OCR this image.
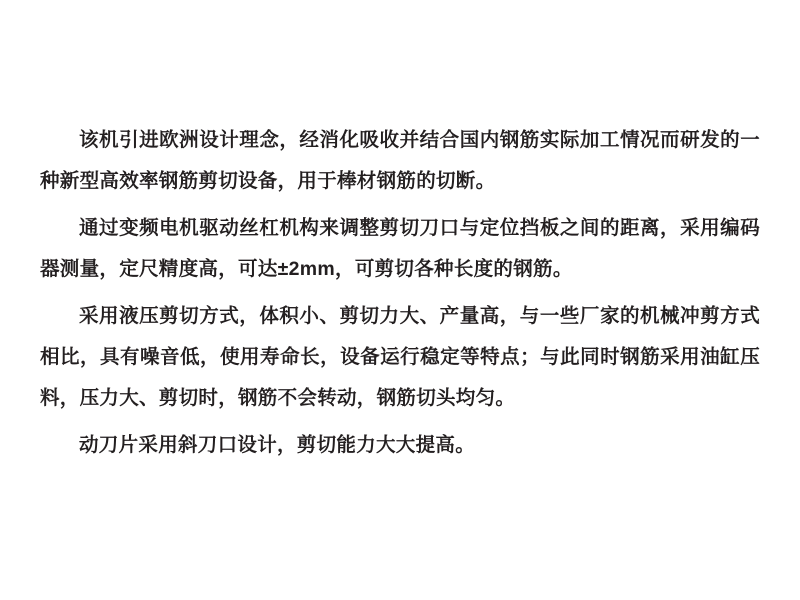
该机引进欧洲设计理念，经消化吸收并结合国内钢筋实际加工情况而研发的一种新型高效率钢筋剪切设备，用于棒材钢筋的切断。

通过变频电机驱动丝杠机构来调整剪切刀口与定位挡板之间的距离，采用编码器测量，定尺精度高，可达±2mm，可剪切各种长度的钢筋。

采用液压剪切方式，体积小、剪切力大、产量高，与一些厂家的机械冲剪方式相比，具有噪音低，使用寿命长，设备运行稳定等特点；与此同时钢筋采用油缸压料，压力大、剪切时，钢筋不会转动，钢筋切头均匀。

动刀片采用斜刀口设计，剪切能力大大提高。
